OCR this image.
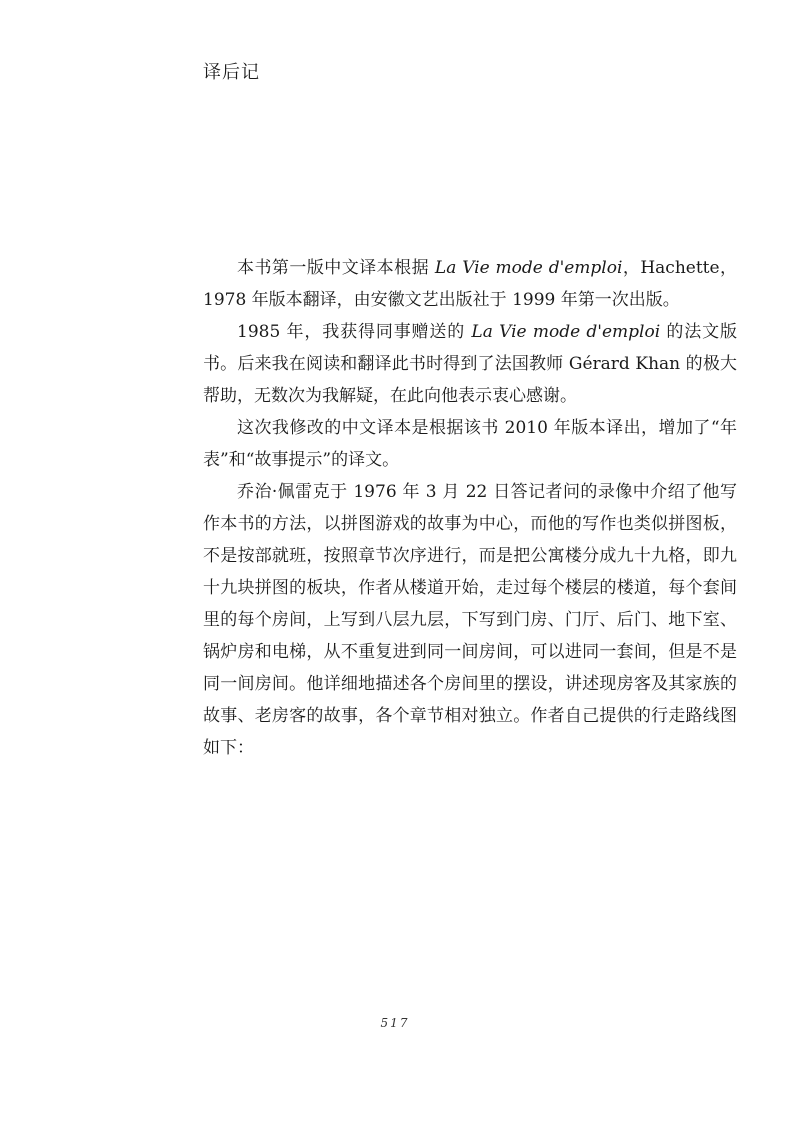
译后记

本书第一版中文译本根据 La Vie mode d'emploi，Hachette，1978 年版本翻译，由安徽文艺出版社于 1999 年第一次出版。

1985 年，我获得同事赠送的 La Vie mode d'emploi 的法文版书。后来我在阅读和翻译此书时得到了法国教师 Gérard Khan 的极大帮助，无数次为我解疑，在此向他表示衷心感谢。

这次我修改的中文译本是根据该书 2010 年版本译出，增加了“年表”和“故事提示”的译文。

乔治·佩雷克于 1976 年 3 月 22 日答记者问的录像中介绍了他写作本书的方法，以拼图游戏的故事为中心，而他的写作也类似拼图板，不是按部就班，按照章节次序进行，而是把公寓楼分成九十九格，即九十九块拼图的板块，作者从楼道开始，走过每个楼层的楼道，每个套间里的每个房间，上写到八层九层，下写到门房、门厅、后门、地下室、锅炉房和电梯，从不重复进到同一间房间，可以进同一套间，但是不是同一间房间。他详细地描述各个房间里的摆设，讲述现房客及其家族的故事、老房客的故事，各个章节相对独立。作者自己提供的行走路线图如下：

517
